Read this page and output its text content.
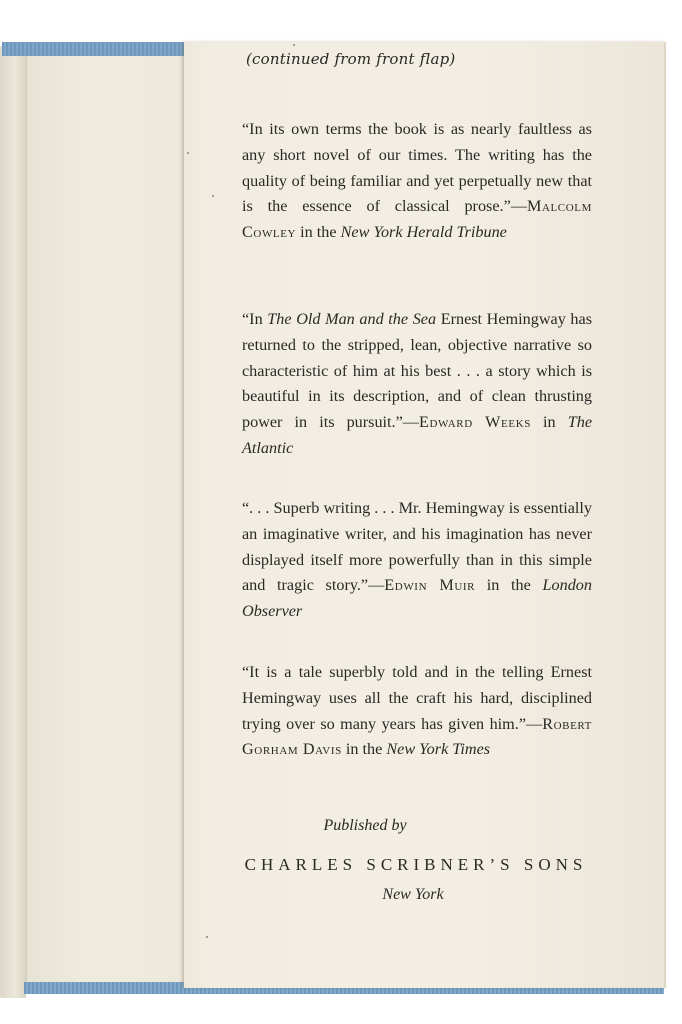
(continued from front flap)

“In its own terms the book is as nearly faultless as any short novel of our times. The writing has the quality of being familiar and yet perpetually new that is the essence of classical prose.”—Malcolm Cowley in the New York Herald Tribune

“In The Old Man and the Sea Ernest Hemingway has returned to the stripped, lean, objective narrative so characteristic of him at his best . . . a story which is beautiful in its description, and of clean thrusting power in its pursuit.”—Edward Weeks in The Atlantic

“. . . Superb writing . . . Mr. Hemingway is essentially an imaginative writer, and his imagination has never displayed itself more powerfully than in this simple and tragic story.”—Edwin Muir in the London Observer

“It is a tale superbly told and in the telling Ernest Hemingway uses all the craft his hard, disciplined trying over so many years has given him.”—Robert Gorham Davis in the New York Times

Published by
CHARLES SCRIBNER’S SONS
New York
